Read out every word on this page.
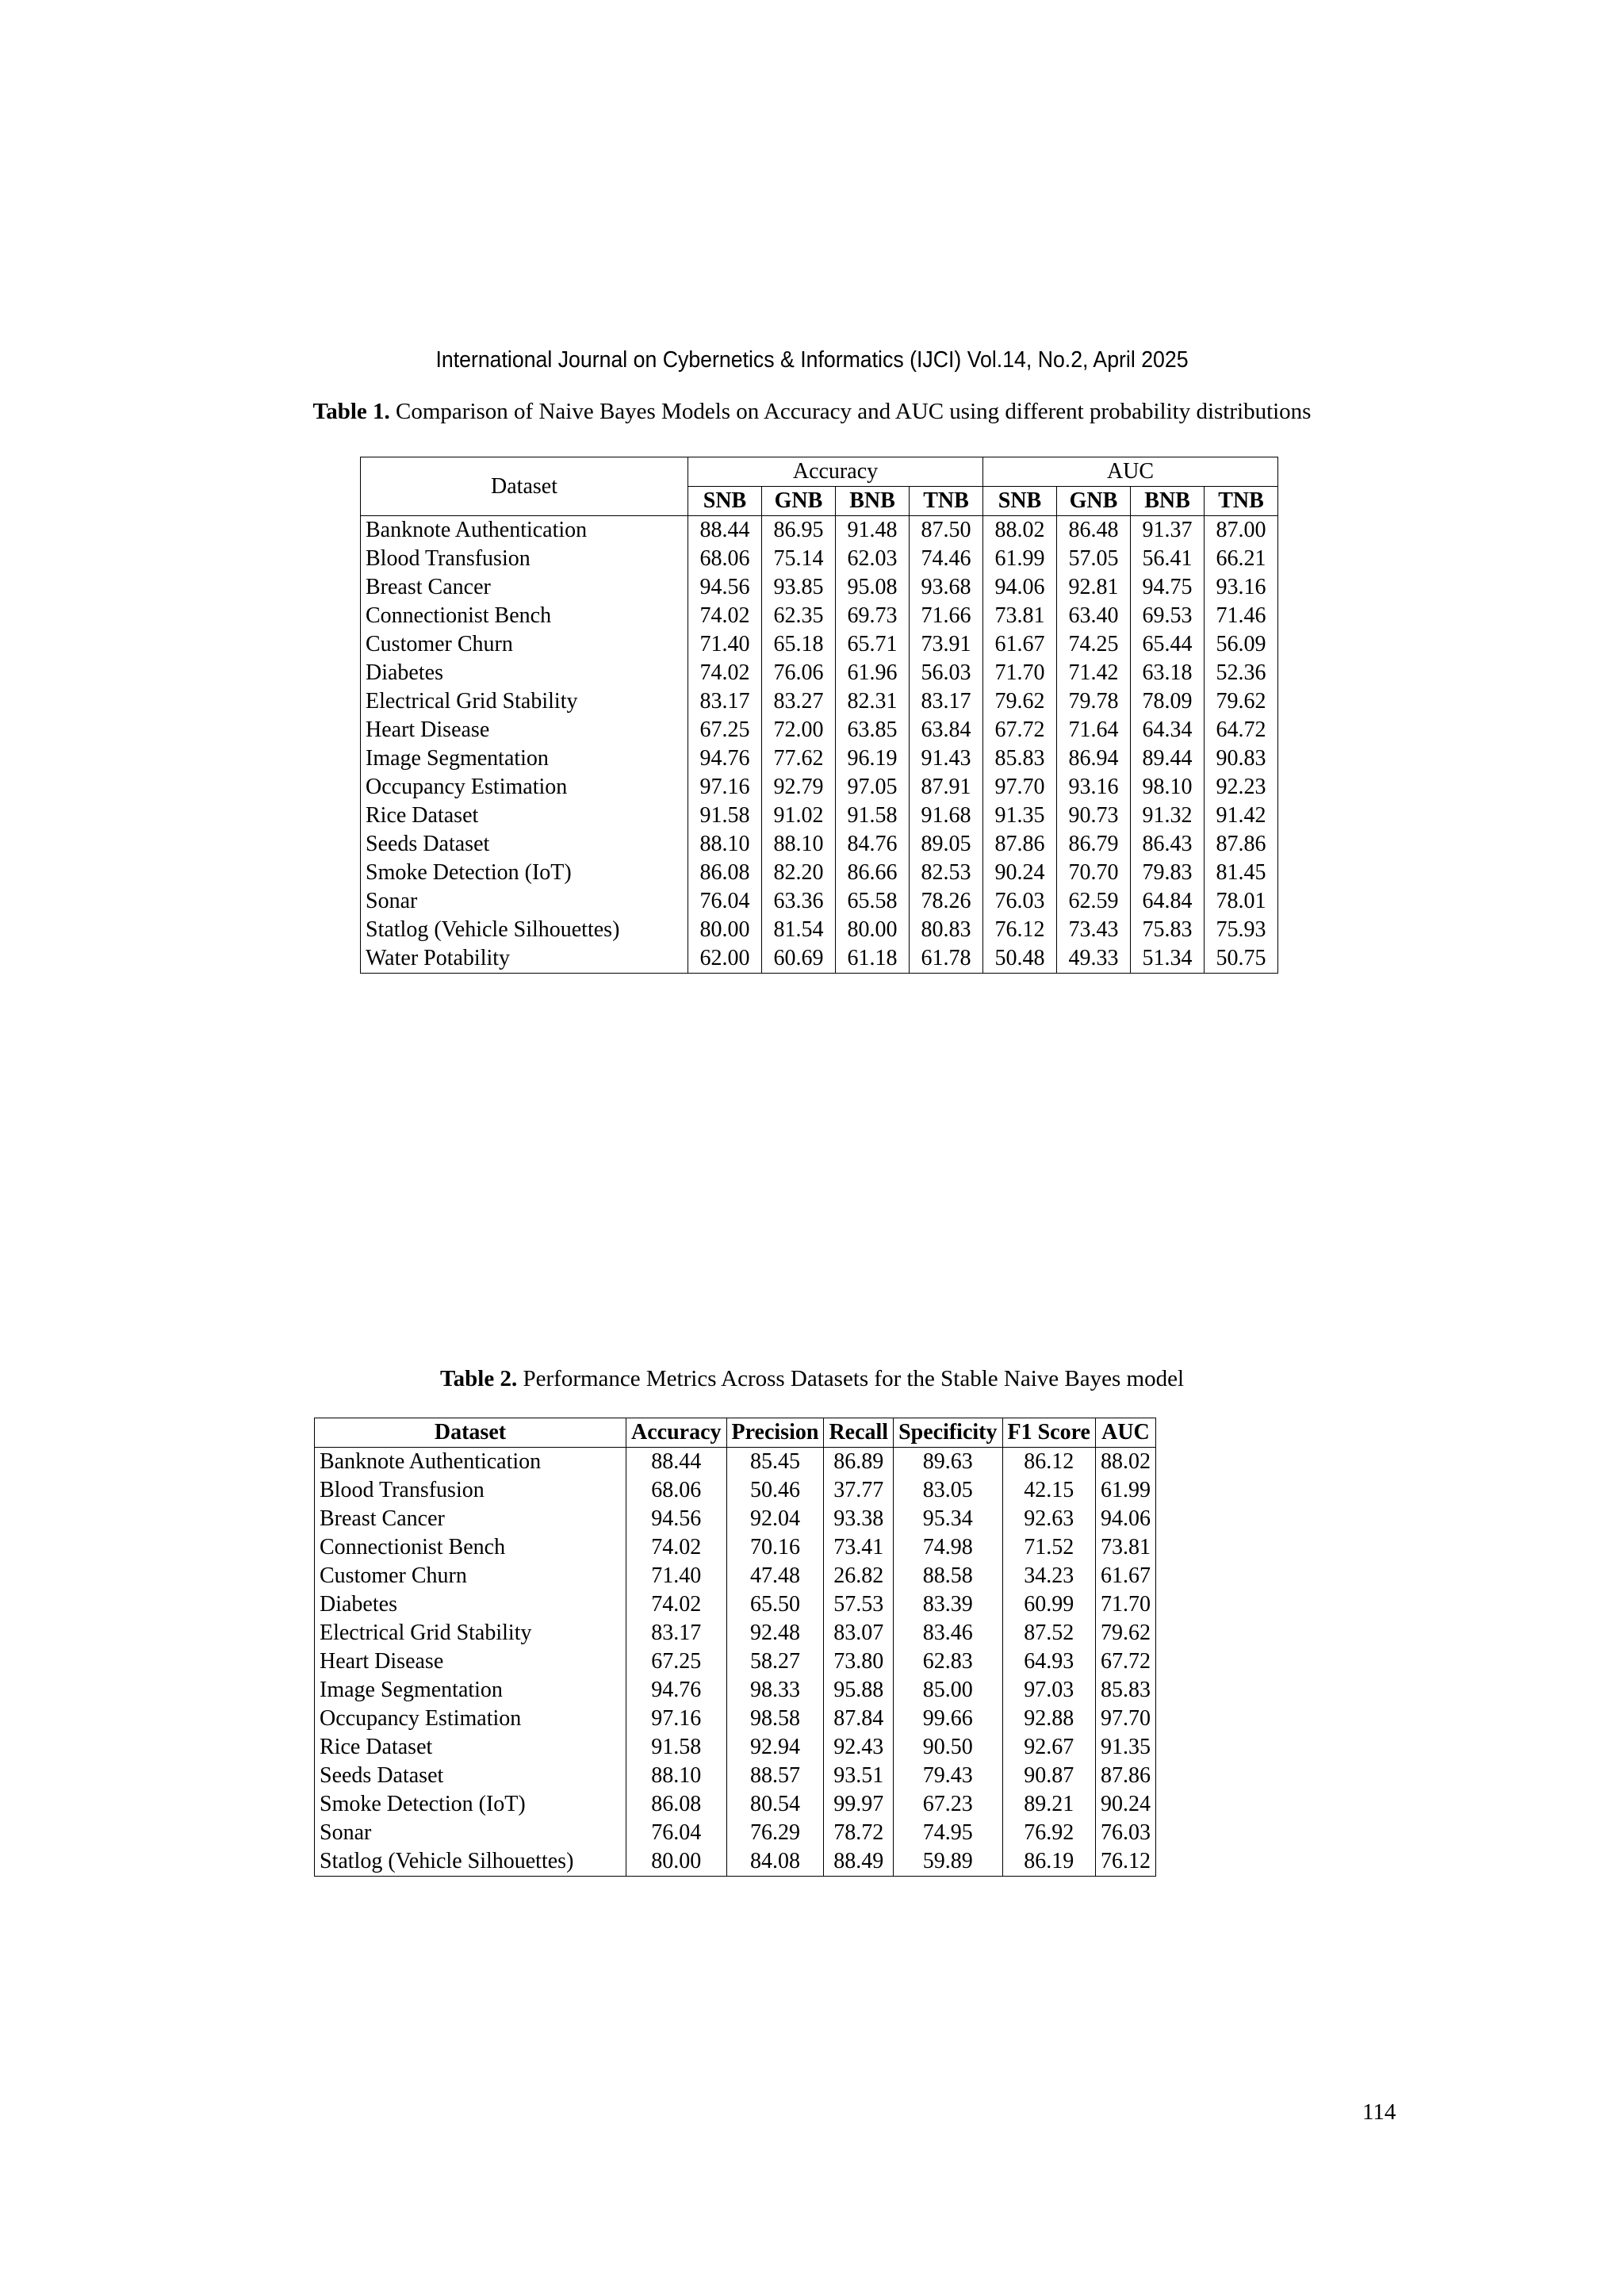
International Journal on Cybernetics & Informatics (IJCI) Vol.14, No.2, April 2025
Table 1. Comparison of Naive Bayes Models on Accuracy and AUC using different probability distributions
Dataset	Accuracy				AUC			
	SNB	GNB	BNB	TNB	SNB	GNB	BNB	TNB
Banknote Authentication	88.44	86.95	91.48	87.50	88.02	86.48	91.37	87.00
Blood Transfusion	68.06	75.14	62.03	74.46	61.99	57.05	56.41	66.21
Breast Cancer	94.56	93.85	95.08	93.68	94.06	92.81	94.75	93.16
Connectionist Bench	74.02	62.35	69.73	71.66	73.81	63.40	69.53	71.46
Customer Churn	71.40	65.18	65.71	73.91	61.67	74.25	65.44	56.09
Diabetes	74.02	76.06	61.96	56.03	71.70	71.42	63.18	52.36
Electrical Grid Stability	83.17	83.27	82.31	83.17	79.62	79.78	78.09	79.62
Heart Disease	67.25	72.00	63.85	63.84	67.72	71.64	64.34	64.72
Image Segmentation	94.76	77.62	96.19	91.43	85.83	86.94	89.44	90.83
Occupancy Estimation	97.16	92.79	97.05	87.91	97.70	93.16	98.10	92.23
Rice Dataset	91.58	91.02	91.58	91.68	91.35	90.73	91.32	91.42
Seeds Dataset	88.10	88.10	84.76	89.05	87.86	86.79	86.43	87.86
Smoke Detection (IoT)	86.08	82.20	86.66	82.53	90.24	70.70	79.83	81.45
Sonar	76.04	63.36	65.58	78.26	76.03	62.59	64.84	78.01
Statlog (Vehicle Silhouettes)	80.00	81.54	80.00	80.83	76.12	73.43	75.83	75.93
Water Potability	62.00	60.69	61.18	61.78	50.48	49.33	51.34	50.75
Table 2. Performance Metrics Across Datasets for the Stable Naive Bayes model
Dataset	Accuracy	Precision	Recall	Specificity	F1 Score	AUC
Banknote Authentication	88.44	85.45	86.89	89.63	86.12	88.02
Blood Transfusion	68.06	50.46	37.77	83.05	42.15	61.99
Breast Cancer	94.56	92.04	93.38	95.34	92.63	94.06
Connectionist Bench	74.02	70.16	73.41	74.98	71.52	73.81
Customer Churn	71.40	47.48	26.82	88.58	34.23	61.67
Diabetes	74.02	65.50	57.53	83.39	60.99	71.70
Electrical Grid Stability	83.17	92.48	83.07	83.46	87.52	79.62
Heart Disease	67.25	58.27	73.80	62.83	64.93	67.72
Image Segmentation	94.76	98.33	95.88	85.00	97.03	85.83
Occupancy Estimation	97.16	98.58	87.84	99.66	92.88	97.70
Rice Dataset	91.58	92.94	92.43	90.50	92.67	91.35
Seeds Dataset	88.10	88.57	93.51	79.43	90.87	87.86
Smoke Detection (IoT)	86.08	80.54	99.97	67.23	89.21	90.24
Sonar	76.04	76.29	78.72	74.95	76.92	76.03
Statlog (Vehicle Silhouettes)	80.00	84.08	88.49	59.89	86.19	76.12
114
